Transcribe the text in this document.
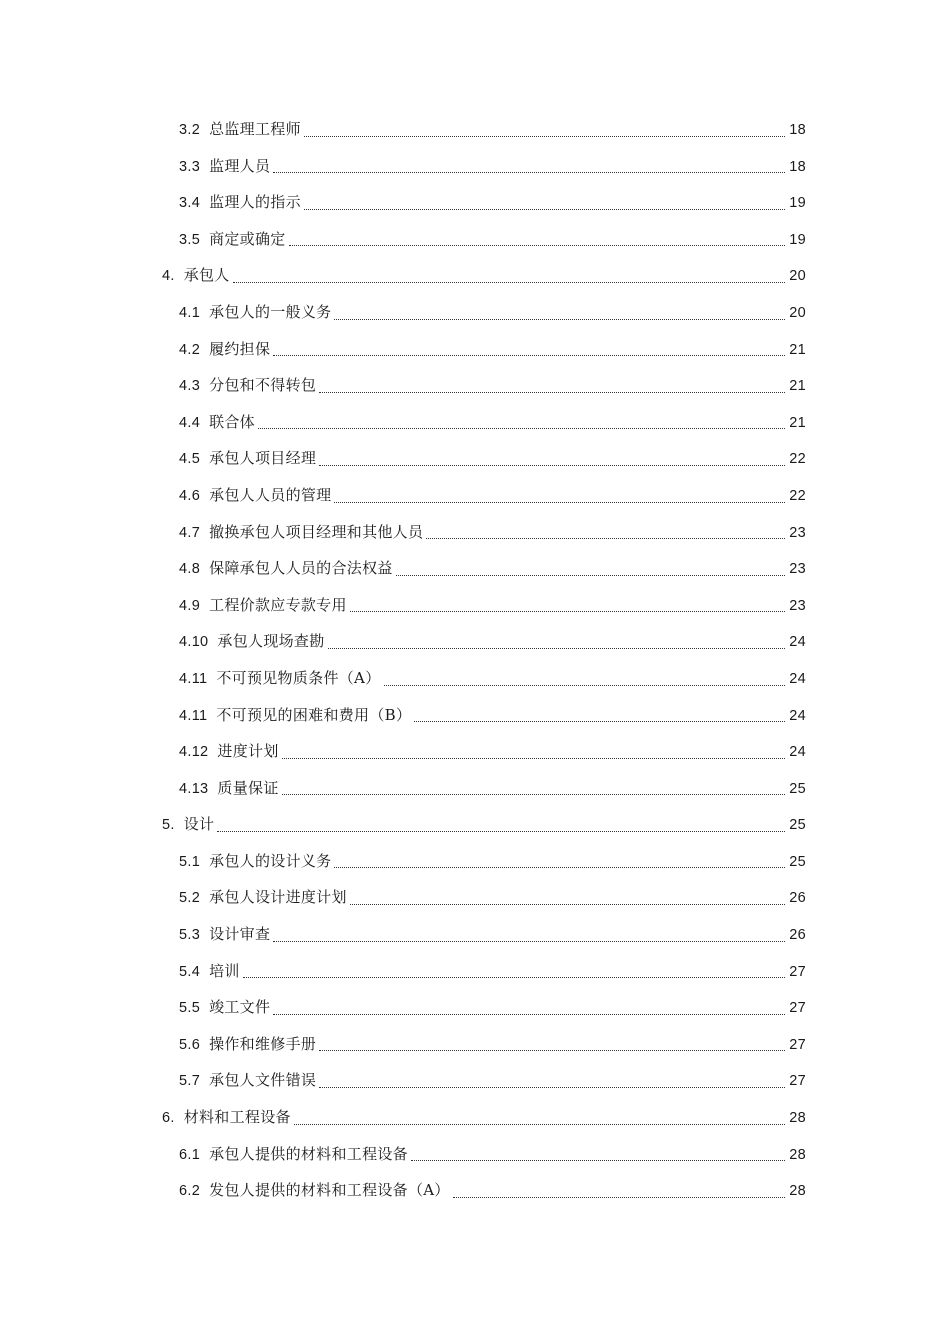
3.2 总监理工程师	18
3.3 监理人员	18
3.4 监理人的指示	19
3.5 商定或确定	19
4. 承包人	20
4.1 承包人的一般义务	20
4.2 履约担保	21
4.3 分包和不得转包	21
4.4 联合体	21
4.5 承包人项目经理	22
4.6 承包人人员的管理	22
4.7 撤换承包人项目经理和其他人员	23
4.8 保障承包人人员的合法权益	23
4.9 工程价款应专款专用	23
4.10 承包人现场查勘	24
4.11 不可预见物质条件（A）	24
4.11 不可预见的困难和费用（B）	24
4.12 进度计划	24
4.13 质量保证	25
5. 设计	25
5.1 承包人的设计义务	25
5.2 承包人设计进度计划	26
5.3 设计审查	26
5.4 培训	27
5.5 竣工文件	27
5.6 操作和维修手册	27
5.7 承包人文件错误	27
6. 材料和工程设备	28
6.1 承包人提供的材料和工程设备	28
6.2 发包人提供的材料和工程设备（A）	28
